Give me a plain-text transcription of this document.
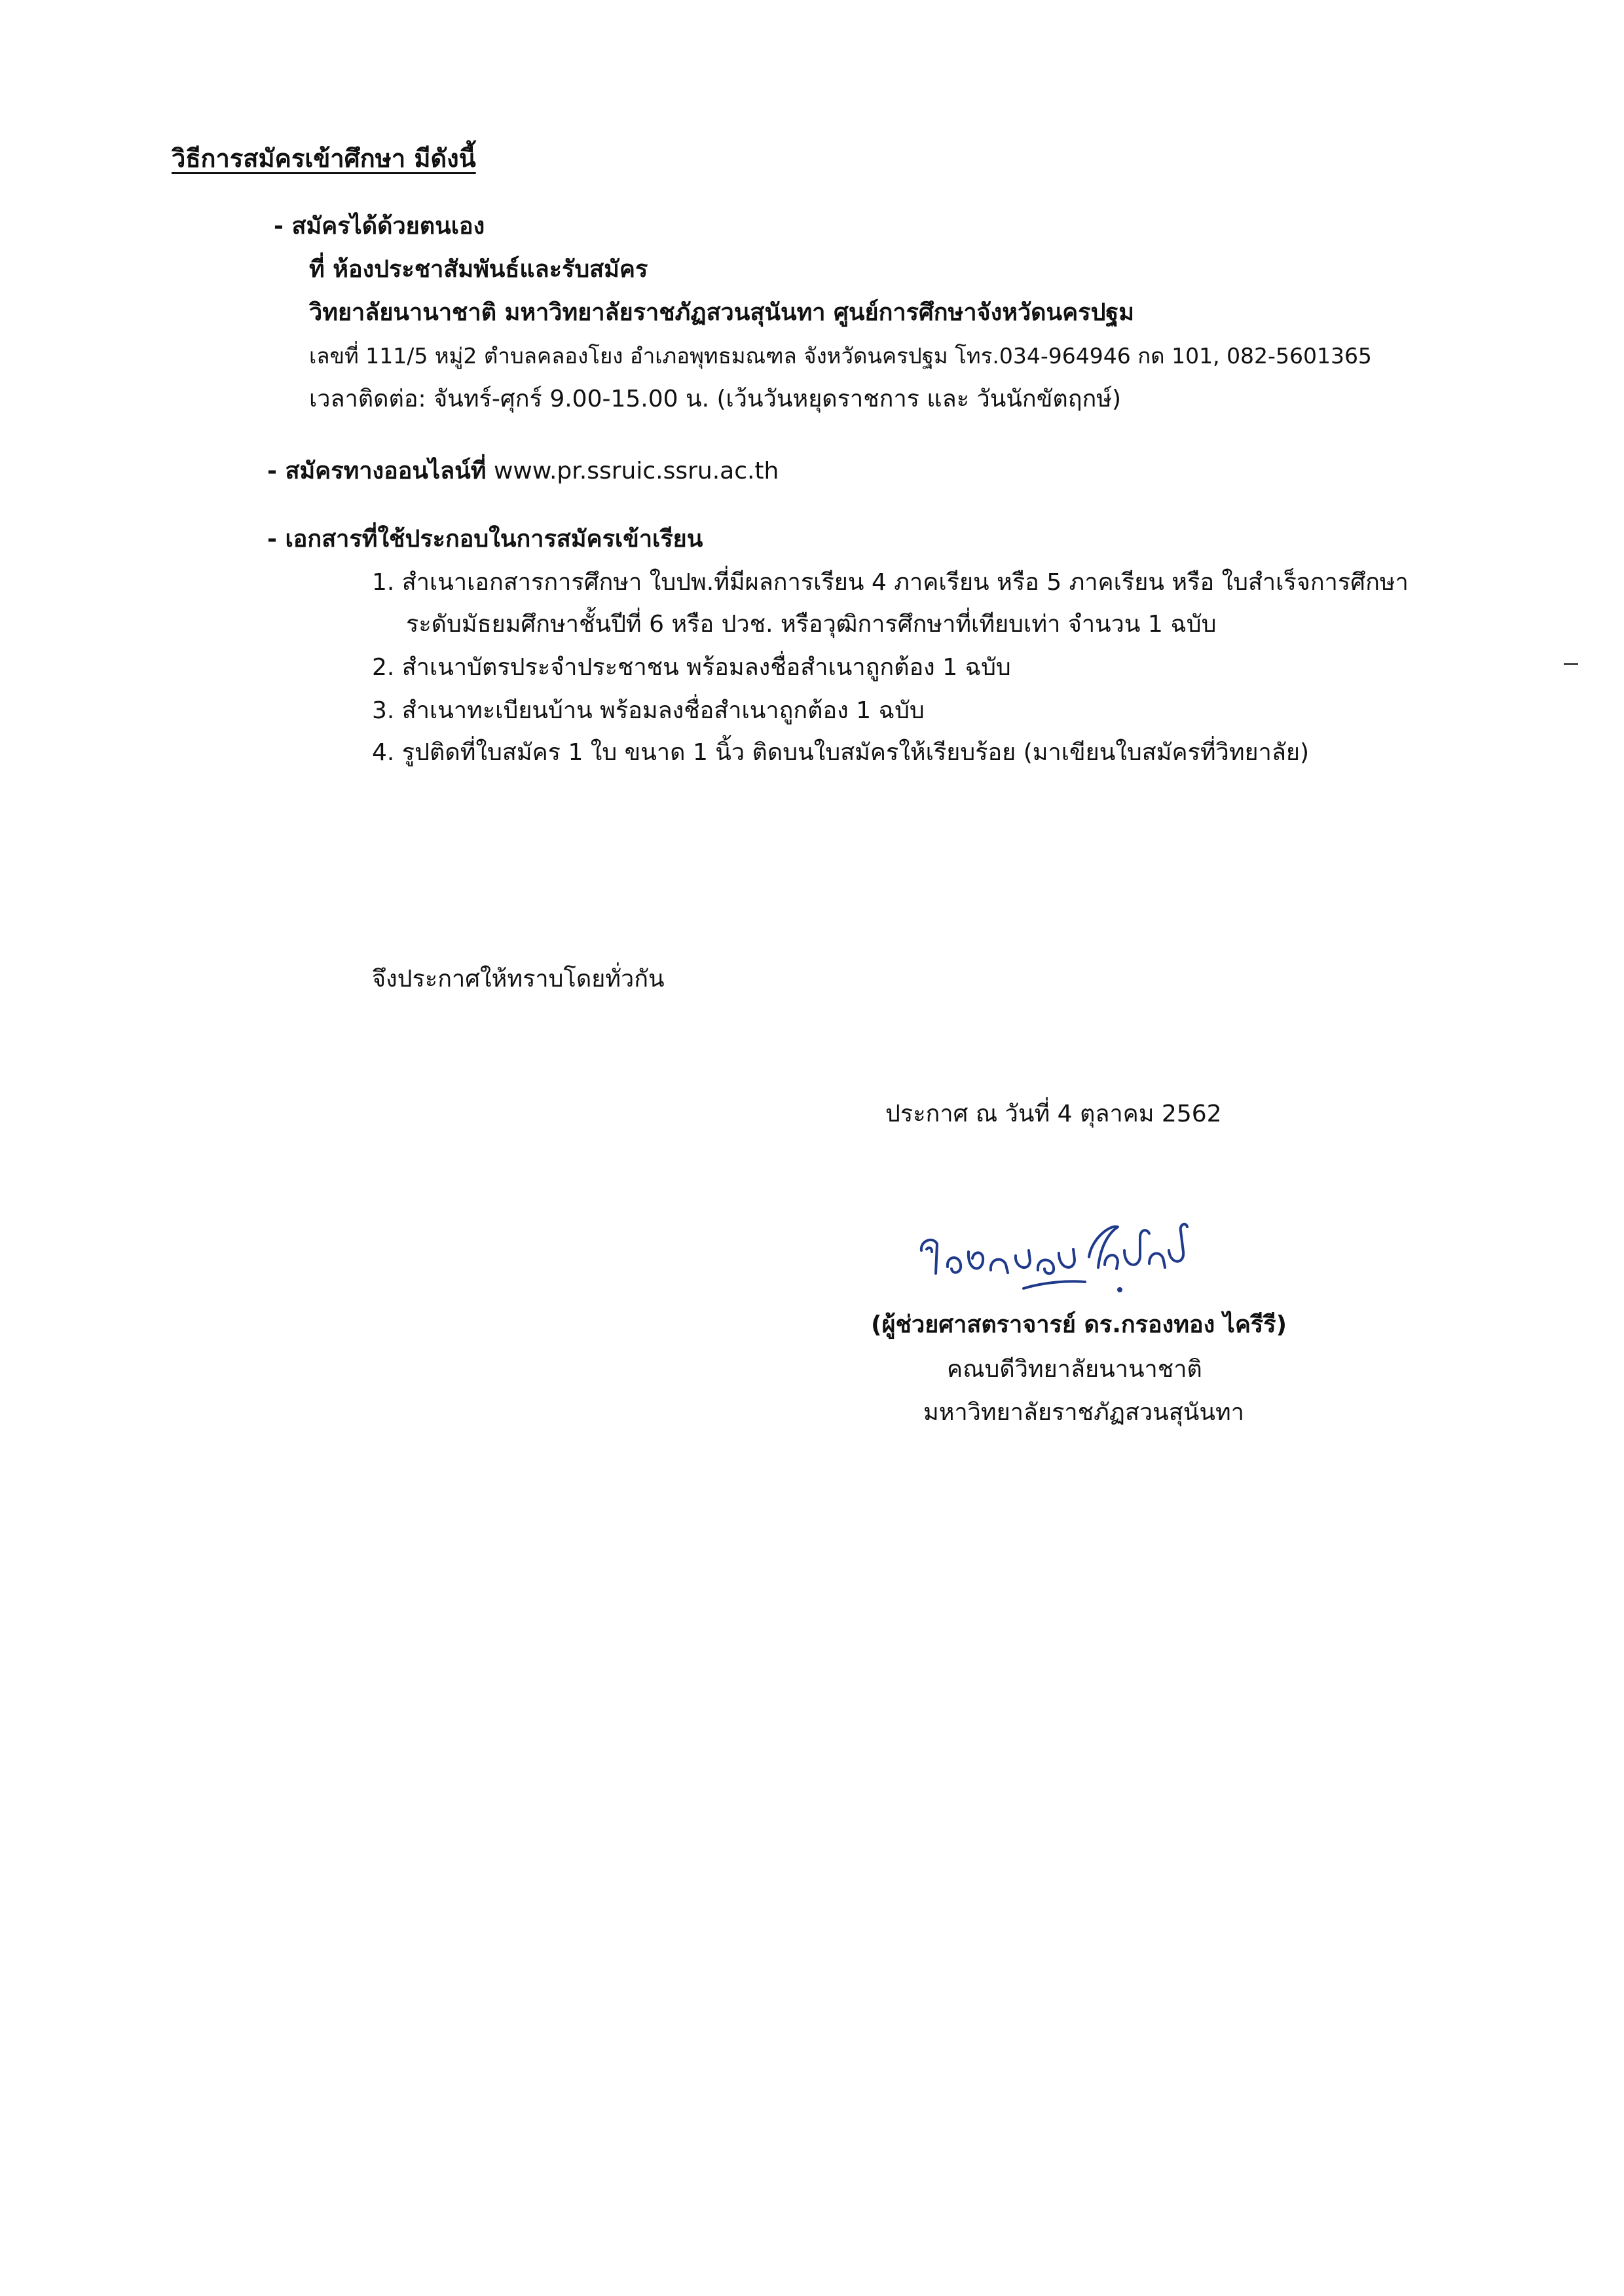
วิธีการสมัครเข้าศึกษา มีดังนี้
- สมัครได้ด้วยตนเอง
ที่ ห้องประชาสัมพันธ์และรับสมัคร
วิทยาลัยนานาชาติ มหาวิทยาลัยราชภัฏสวนสุนันทา ศูนย์การศึกษาจังหวัดนครปฐม
เลขที่ 111/5 หมู่2 ตำบลคลองโยง อำเภอพุทธมณฑล จังหวัดนครปฐม โทร.034-964946 กด 101, 082-5601365
เวลาติดต่อ: จันทร์-ศุกร์ 9.00-15.00 น. (เว้นวันหยุดราชการ และ วันนักขัตฤกษ์)
- สมัครทางออนไลน์ที่ www.pr.ssruic.ssru.ac.th
- เอกสารที่ใช้ประกอบในการสมัครเข้าเรียน
1. สำเนาเอกสารการศึกษา ใบปพ.ที่มีผลการเรียน 4 ภาคเรียน หรือ 5 ภาคเรียน หรือ ใบสำเร็จการศึกษา
ระดับมัธยมศึกษาชั้นปีที่ 6 หรือ ปวช. หรือวุฒิการศึกษาที่เทียบเท่า จำนวน 1 ฉบับ
2. สำเนาบัตรประจำประชาชน พร้อมลงชื่อสำเนาถูกต้อง 1 ฉบับ
3. สำเนาทะเบียนบ้าน พร้อมลงชื่อสำเนาถูกต้อง 1 ฉบับ
4. รูปติดที่ใบสมัคร 1 ใบ ขนาด 1 นิ้ว ติดบนใบสมัครให้เรียบร้อย (มาเขียนใบสมัครที่วิทยาลัย)
จึงประกาศให้ทราบโดยทั่วกัน
ประกาศ ณ วันที่ 4 ตุลาคม 2562
(ผู้ช่วยศาสตราจารย์ ดร.กรองทอง ไครีรี)
คณบดีวิทยาลัยนานาชาติ
มหาวิทยาลัยราชภัฏสวนสุนันทา
